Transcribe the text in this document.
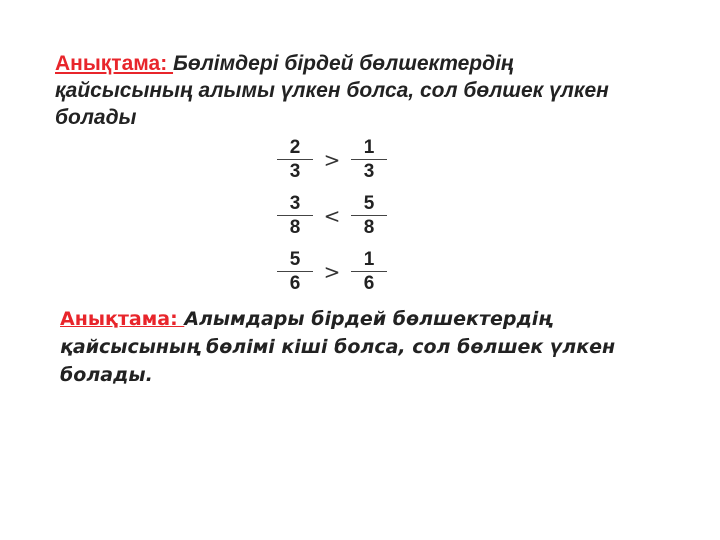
Анықтама: Бөлімдері бірдей бөлшектердің қайсысының алымы үлкен болса, сол бөлшек үлкен болады
$\frac{2}{3} > \frac{1}{3}$
$\frac{3}{8} < \frac{5}{8}$
$\frac{5}{6} > \frac{1}{6}$
Анықтама: Алымдары бірдей бөлшектердің қайсысының бөлімі кіші болса, сол бөлшек үлкен болады.
